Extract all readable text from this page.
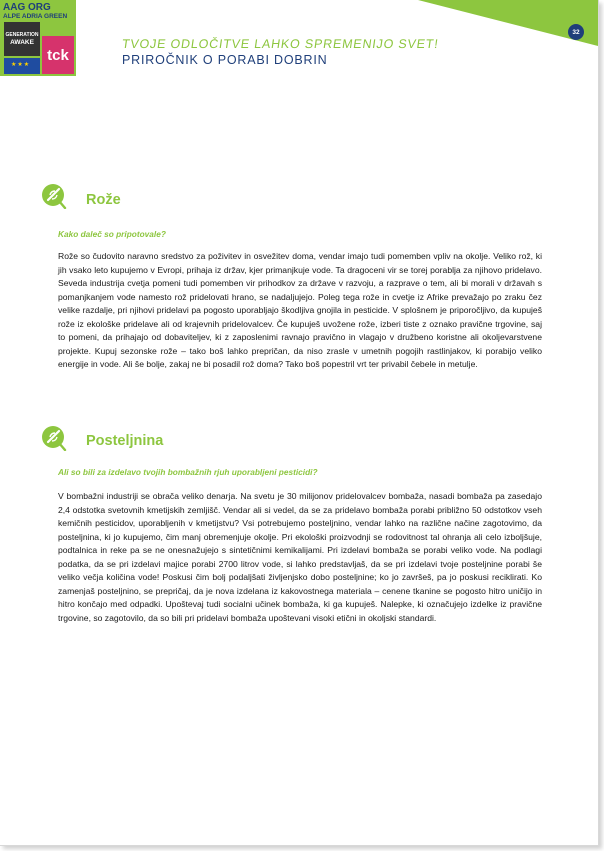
32
AAG ORG
ALPE ADRIA GREEN
GENERATION
AWAKE
★★★
tck
TVOJE ODLOČITVE LAHKO SPREMENIJO SVET!
PRIROČNIK O PORABI DOBRIN
Rože
Kako daleč so pripotovale?

Rože so čudovito naravno sredstvo za poživitev in osvežitev doma, vendar imajo tudi pomemben vpliv na okolje. Veliko rož, ki jih vsako leto kupujemo v Evropi, prihaja iz držav, kjer primanjkuje vode. Ta dragoceni vir se torej porablja za njihovo pridelavo. Seveda industrija cvetja pomeni tudi pomemben vir prihodkov za države v razvoju, a razprave o tem, ali bi morali v državah s pomanjkanjem vode namesto rož pridelovati hrano, se nadaljujejo. Poleg tega rože in cvetje iz Afrike prevažajo po zraku čez velike razdalje, pri njihovi pridelavi pa pogosto uporabljajo škodljiva gnojila in pesticide. V splošnem je priporočljivo, da kupuješ rože iz ekološke pridelave ali od krajevnih pridelovalcev. Če kupuješ uvožene rože, izberi tiste z oznako pravične trgovine, saj to pomeni, da prihajajo od dobaviteljev, ki z zaposlenimi ravnajo pravično in vlagajo v družbeno koristne ali okoljevarstvene projekte. Kupuj sezonske rože – tako boš lahko prepričan, da niso zrasle v umetnih pogojih rastlinjakov, ki porabijo veliko energije in vode. Ali še bolje, zakaj ne bi posadil rož doma? Tako boš popestril vrt ter privabil čebele in metulje.

Posteljnina
Ali so bili za izdelavo tvojih bombažnih rjuh uporabljeni pesticidi?

V bombažni industriji se obrača veliko denarja. Na svetu je 30 milijonov pridelovalcev bombaža, nasadi bombaža pa zasedajo 2,4 odstotka svetovnih kmetijskih zemljišč. Vendar ali si vedel, da se za pridelavo bombaža porabi približno 50 odstotkov vseh kemičnih pesticidov, uporabljenih v kmetijstvu? Vsi potrebujemo posteljnino, vendar lahko na različne načine zagotovimo, da posteljnina, ki jo kupujemo, čim manj obremenjuje okolje. Pri ekološki proizvodnji se rodovitnost tal ohranja ali celo izboljšuje, podtalnica in reke pa se ne onesnažujejo s sintetičnimi kemikalijami. Pri izdelavi bombaža se porabi veliko vode. Na podlagi podatka, da se pri izdelavi majice porabi 2700 litrov vode, si lahko predstavljaš, da se pri izdelavi tvoje posteljnine porabi še veliko večja količina vode! Poskusi čim bolj podaljšati življenjsko dobo posteljnine; ko jo završeš, pa jo poskusi reciklirati. Ko zamenjaš posteljnino, se prepričaj, da je nova izdelana iz kakovostnega materiala – cenene tkanine se pogosto hitro uničijo in hitro končajo med odpadki. Upoštevaj tudi socialni učinek bombaža, ki ga kupuješ. Nalepke, ki označujejo izdelke iz pravične trgovine, so zagotovilo, da so bili pri pridelavi bombaža upoštevani visoki etični in okoljski standardi.
